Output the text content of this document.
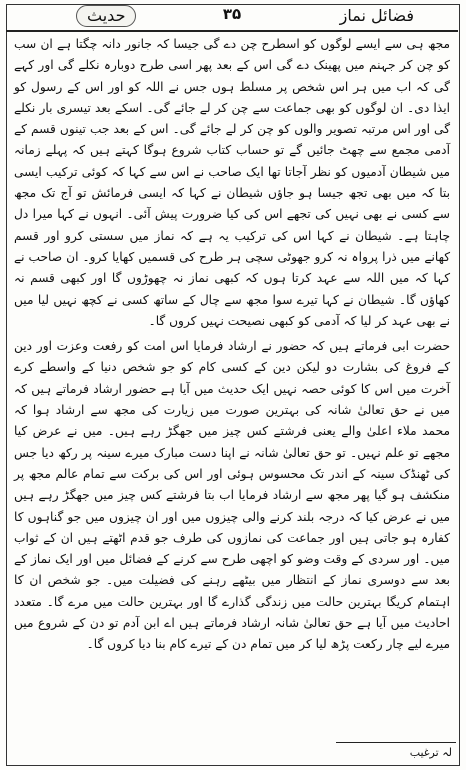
حدیث	۳۵	فضائل نماز

مجھ ہی سے ایسے لوگوں کو اسطرح چن دے گی جیسا کہ جانور دانہ چگتا ہے ان سب کو چن کر جہنم میں پھینک دے گی اس کے بعد پھر اسی طرح دوبارہ نکلے گی اور کہے گی کہ اب میں ہر اس شخص پر مسلط ہوں جس نے اللہ کو اور اس کے رسول کو ایذا دی۔ ان لوگوں کو بھی جماعت سے چن کر لے جائے گی۔ اسکے بعد تیسری بار نکلے گی اور اس مرتبہ تصویر والوں کو چن کر لے جائے گی۔ اس کے بعد جب تینوں قسم کے آدمی مجمع سے چھٹ جائیں گے تو حساب کتاب شروع ہوگا کہتے ہیں کہ پہلے زمانہ میں شیطان آدمیوں کو نظر آجاتا تھا ایک صاحب نے اس سے کہا کہ کوئی ترکیب ایسی بتا کہ میں بھی تجھ جیسا ہو جاؤں شیطان نے کہا کہ ایسی فرمائش تو آج تک مجھ سے کسی نے بھی نہیں کی تجھے اس کی کیا ضرورت پیش آئی۔ انہوں نے کہا میرا دل چاہتا ہے۔ شیطان نے کہا اس کی ترکیب یہ ہے کہ نماز میں سستی کرو اور قسم کھانے میں ذرا پرواہ نہ کرو جھوٹی سچی ہر طرح کی قسمیں کھایا کرو۔ ان صاحب نے کہا کہ میں اللہ سے عہد کرتا ہوں کہ کبھی نماز نہ چھوڑوں گا اور کبھی قسم نہ کھاؤں گا۔ شیطان نے کہا تیرے سوا مجھ سے چال کے ساتھ کسی نے کچھ نہیں لیا میں نے بھی عہد کر لیا کہ آدمی کو کبھی نصیحت نہیں کروں گا۔

حضرت ابی فرماتے ہیں کہ حضور نے ارشاد فرمایا اس امت کو رفعت وعزت اور دین کے فروغ کی بشارت دو لیکن دین کے کسی کام کو جو شخص دنیا کے واسطے کرے آخرت میں اس کا کوئی حصہ نہیں ایک حدیث میں آیا ہے حضور ارشاد فرماتے ہیں کہ میں نے حق تعالیٰ شانہ کی بہترین صورت میں زیارت کی مجھ سے ارشاد ہوا کہ محمد ملاء اعلیٰ والے یعنی فرشتے کس چیز میں جھگڑ رہے ہیں۔ میں نے عرض کیا مجھے تو علم نہیں۔ تو حق تعالیٰ شانہ نے اپنا دست مبارک میرے سینہ پر رکھ دیا جس کی ٹھنڈک سینہ کے اندر تک محسوس ہوئی اور اس کی برکت سے تمام عالم مجھ پر منکشف ہو گیا پھر مجھ سے ارشاد فرمایا اب بتا فرشتے کس چیز میں جھگڑ رہے ہیں میں نے عرض کیا کہ درجہ بلند کرنے والی چیزوں میں اور ان چیزوں میں جو گناہوں کا کفارہ ہو جاتی ہیں اور جماعت کی نمازوں کی طرف جو قدم اٹھتے ہیں ان کے ثواب میں۔ اور سردی کے وقت وضو کو اچھی طرح سے کرنے کے فضائل میں اور ایک نماز کے بعد سے دوسری نماز کے انتظار میں بیٹھے رہنے کی فضیلت میں۔ جو شخص ان کا اہتمام کریگا بہترین حالت میں زندگی گذارے گا اور بہترین حالت میں مرے گا۔ متعدد احادیث میں آیا ہے حق تعالیٰ شانہ ارشاد فرماتے ہیں اے ابن آدم تو دن کے شروع میں میرے لیے چار رکعت پڑھ لیا کر میں تمام دن کے تیرے کام بنا دیا کروں گا۔

لہ ترغیب
